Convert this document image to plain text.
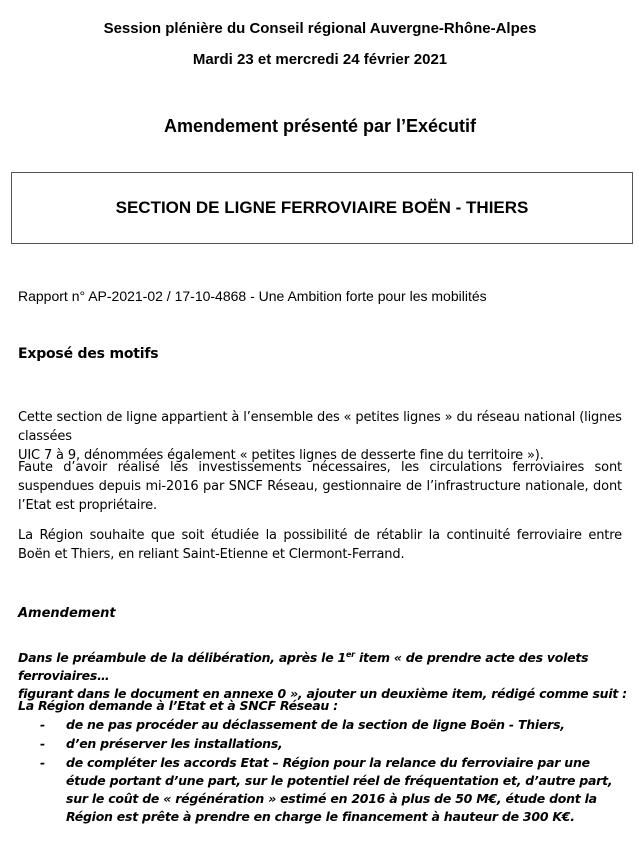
Session plénière du Conseil régional Auvergne-Rhône-Alpes
Mardi 23 et mercredi 24 février 2021
Amendement présenté par l’Exécutif
SECTION DE LIGNE FERROVIAIRE BOËN - THIERS
Rapport n° AP-2021-02 / 17-10-4868 - Une Ambition forte pour les mobilités
Exposé des motifs
Cette section de ligne appartient à l’ensemble des « petites lignes » du réseau national (lignes classées
UIC 7 à 9, dénommées également « petites lignes de desserte fine du territoire »).
Faute d’avoir réalisé les investissements nécessaires, les circulations ferroviaires sont suspendues depuis mi-2016 par SNCF Réseau, gestionnaire de l’infrastructure nationale, dont l’Etat est propriétaire.
La Région souhaite que soit étudiée la possibilité de rétablir la continuité ferroviaire entre Boën et Thiers, en reliant Saint-Etienne et Clermont-Ferrand.
Amendement
Dans le préambule de la délibération, après le 1er item « de prendre acte des volets ferroviaires…
figurant dans le document en annexe 0 », ajouter un deuxième item, rédigé comme suit :
La Région demande à l’Etat et à SNCF Réseau :
-	de ne pas procéder au déclassement de la section de ligne Boën - Thiers,
-	d’en préserver les installations,
-	de compléter les accords Etat – Région pour la relance du ferroviaire par une étude portant d’une part, sur le potentiel réel de fréquentation et, d’autre part, sur le coût de « régénération » estimé en 2016 à plus de 50 M€, étude dont la Région est prête à prendre en charge le financement à hauteur de 300 K€.
